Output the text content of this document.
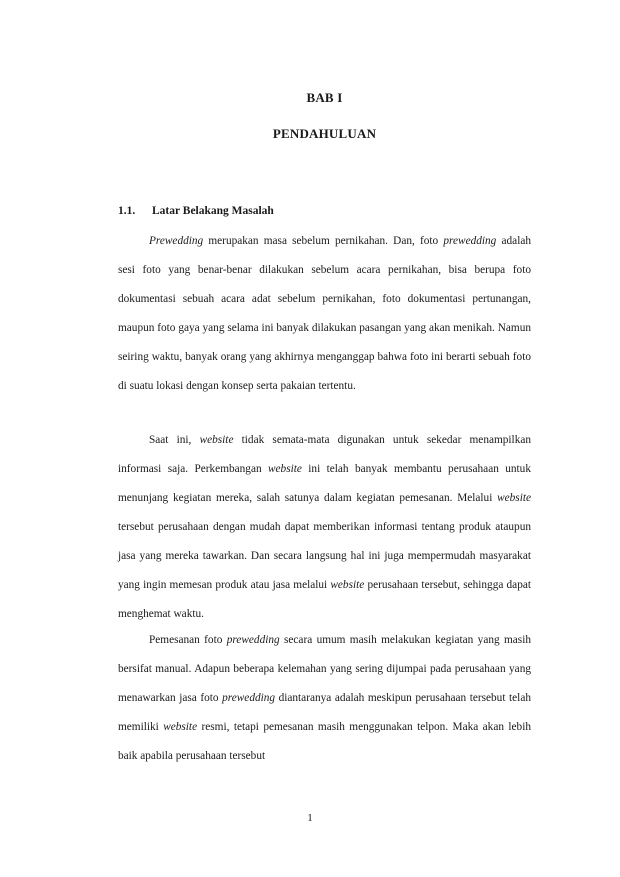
BAB I
PENDAHULUAN
1.1. Latar Belakang Masalah

Prewedding merupakan masa sebelum pernikahan. Dan, foto prewedding adalah sesi foto yang benar-benar dilakukan sebelum acara pernikahan, bisa berupa foto dokumentasi sebuah acara adat sebelum pernikahan, foto dokumentasi pertunangan, maupun foto gaya yang selama ini banyak dilakukan pasangan yang akan menikah. Namun seiring waktu, banyak orang yang akhirnya menganggap bahwa foto ini berarti sebuah foto di suatu lokasi dengan konsep serta pakaian tertentu.

Saat ini, website tidak semata-mata digunakan untuk sekedar menampilkan informasi saja. Perkembangan website ini telah banyak membantu perusahaan untuk menunjang kegiatan mereka, salah satunya dalam kegiatan pemesanan. Melalui website tersebut perusahaan dengan mudah dapat memberikan informasi tentang produk ataupun jasa yang mereka tawarkan. Dan secara langsung hal ini juga mempermudah masyarakat yang ingin memesan produk atau jasa melalui website perusahaan tersebut, sehingga dapat menghemat waktu.

Pemesanan foto prewedding secara umum masih melakukan kegiatan yang masih bersifat manual. Adapun beberapa kelemahan yang sering dijumpai pada perusahaan yang menawarkan jasa foto prewedding diantaranya adalah meskipun perusahaan tersebut telah memiliki website resmi, tetapi pemesanan masih menggunakan telpon. Maka akan lebih baik apabila perusahaan tersebut

1
